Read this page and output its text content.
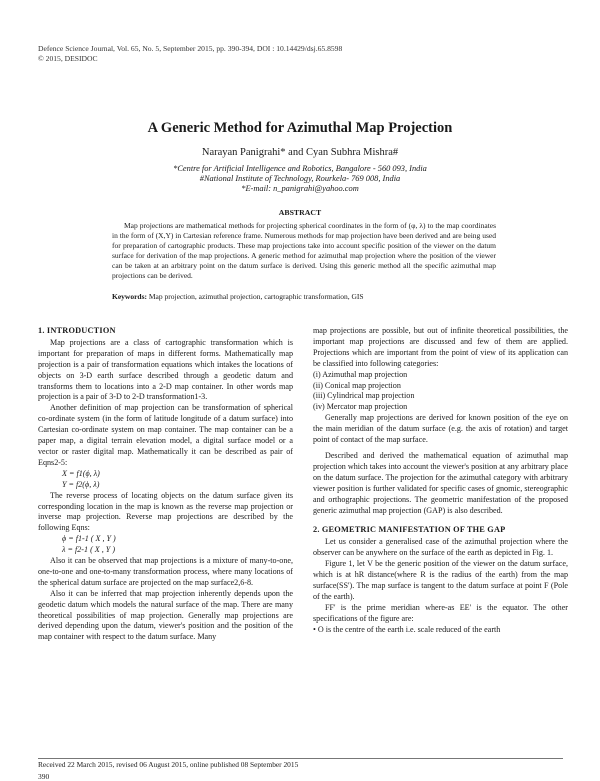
Defence Science Journal, Vol. 65, No. 5, September 2015, pp. 390-394, DOI : 10.14429/dsj.65.8598
© 2015, DESIDOC
A Generic Method for Azimuthal Map Projection
Narayan Panigrahi* and Cyan Subhra Mishra#
*Centre for Artificial Intelligence and Robotics, Bangalore - 560 093, India
#National Institute of Technology, Rourkela- 769 008, India
*E-mail: n_panigrahi@yahoo.com
ABSTRACT
Map projections are mathematical methods for projecting spherical coordinates in the form of (φ, λ) to the map coordinates in the form of (X,Y) in Cartesian reference frame. Numerous methods for map projection have been derived and are being used for preparation of cartographic products. These map projections take into account specific position of the viewer on the datum surface for derivation of the map projections. A generic method for azimuthal map projection where the position of the viewer can be taken at an arbitrary point on the datum surface is derived. Using this generic method all the specific azimuthal map projections can be derived.
Keywords: Map projection, azimuthal projection, cartographic transformation, GIS
1. INTRODUCTION

Map projections are a class of cartographic transformation which is important for preparation of maps in different forms. Mathematically map projection is a pair of transformation equations which intakes the locations of objects on 3-D earth surface described through a geodetic datum and transforms them to locations into a 2-D map container. In other words map projection is a pair of 3-D to 2-D transformation1-3.

Another definition of map projection can be transformation of spherical co-ordinate system (in the form of latitude longitude of a datum surface) into Cartesian co-ordinate system on map container. The map container can be a paper map, a digital terrain elevation model, a digital surface model or a vector or raster digital map. Mathematically it can be described as pair of Eqns2-5:

X = f1(ϕ, λ)

Y = f2(ϕ, λ)

The reverse process of locating objects on the datum surface given its corresponding location in the map is known as the reverse map projection or inverse map projection. Reverse map projections are described by the following Eqns:

ϕ = f1-1 ( X , Y )

λ = f2-1 ( X , Y )

Also it can be observed that map projections is a mixture of many-to-one, one-to-one and one-to-many transformation process, where many locations of the spherical datum surface are projected on the map surface2,6-8.

Also it can be inferred that map projection inherently depends upon the geodetic datum which models the natural surface of the map. There are many theoretical possibilities of map projection. Generally map projections are derived depending upon the datum, viewer's position and the position of the map container with respect to the datum surface. Many

map projections are possible, but out of infinite theoretical possibilities, the important map projections are discussed and few of them are applied. Projections which are important from the point of view of its application can be classified into following categories:

(i) Azimuthal map projection

(ii) Conical map projection

(iii) Cylindrical map projection

(iv) Mercator map projection

Generally map projections are derived for known position of the eye on the main meridian of the datum surface (e.g. the axis of rotation) and target point of contact of the map surface.

Described and derived the mathematical equation of azimuthal map projection which takes into account the viewer's position at any arbitrary place on the datum surface. The projection for the azimuthal category with arbitrary viewer position is further validated for specific cases of gnomic, stereographic and orthographic projections. The geometric manifestation of the proposed generic azimuthal map projection (GAP) is also described.

2. GEOMETRIC MANIFESTATION OF THE GAP

Let us consider a generalised case of the azimuthal projection where the observer can be anywhere on the surface of the earth as depicted in Fig. 1.

Figure 1, let V be the generic position of the viewer on the datum surface, which is at hR distance(where R is the radius of the earth) from the map surface(SS'). The map surface is tangent to the datum surface at point F (Pole of the earth).

FF' is the prime meridian where-as EE' is the equator. The other specifications of the figure are:

• O is the centre of the earth i.e. scale reduced of the earth

Received 22 March 2015, revised 06 August 2015, online published 08 September 2015
390
